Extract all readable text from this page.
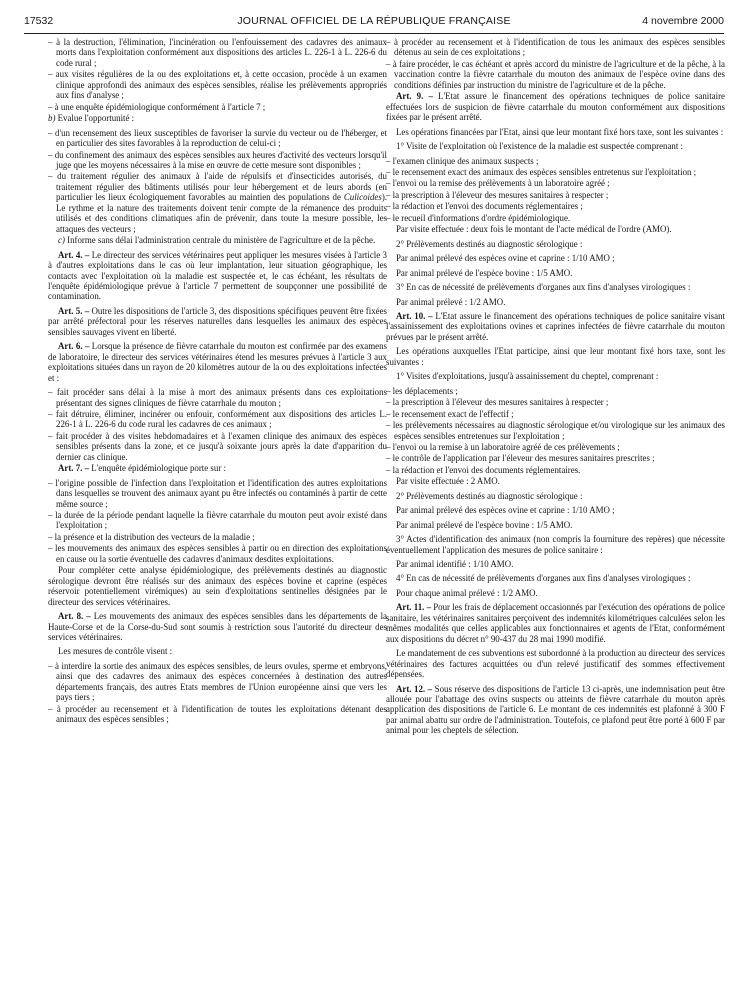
17532	JOURNAL OFFICIEL DE LA RÉPUBLIQUE FRANÇAISE	4 novembre 2000

– à la destruction, l'élimination, l'incinération ou l'enfouissement des cadavres des animaux morts dans l'exploitation conformément aux dispositions des articles L. 226-1 à L. 226-6 du code rural ;

– aux visites régulières de la ou des exploitations et, à cette occasion, procède à un examen clinique approfondi des animaux des espèces sensibles, réalise les prélèvements appropriés aux fins d'analyse ;

– à une enquête épidémiologique conformément à l'article 7 ;

b) Evalue l'opportunité :

– d'un recensement des lieux susceptibles de favoriser la survie du vecteur ou de l'héberger, et en particulier des sites favorables à la reproduction de celui-ci ;

– du confinement des animaux des espèces sensibles aux heures d'activité des vecteurs lorsqu'il juge que les moyens nécessaires à la mise en œuvre de cette mesure sont disponibles ;

– du traitement régulier des animaux à l'aide de répulsifs et d'insecticides autorisés, du traitement régulier des bâtiments utilisés pour leur hébergement et de leurs abords (en particulier les lieux écologiquement favorables au maintien des populations de Culicoides). Le rythme et la nature des traitements doivent tenir compte de la rémanence des produits utilisés et des conditions climatiques afin de prévenir, dans toute la mesure possible, les attaques des vecteurs ;

c) Informe sans délai l'administration centrale du ministère de l'agriculture et de la pêche.

Art. 4. – Le directeur des services vétérinaires peut appliquer les mesures visées à l'article 3 à d'autres exploitations dans le cas où leur implantation, leur situation géographique, les contacts avec l'exploitation où la maladie est suspectée et, le cas échéant, les résultats de l'enquête épidémiologique prévue à l'article 7 permettent de soupçonner une possibilité de contamination.

Art. 5. – Outre les dispositions de l'article 3, des dispositions spécifiques peuvent être fixées par arrêté préfectoral pour les réserves naturelles dans lesquelles les animaux des espèces sensibles sauvages vivent en liberté.

Art. 6. – Lorsque la présence de fièvre catarrhale du mouton est confirmée par des examens de laboratoire, le directeur des services vétérinaires étend les mesures prévues à l'article 3 aux exploitations situées dans un rayon de 20 kilomètres autour de la ou des exploitations infectées et :

– fait procéder sans délai à la mise à mort des animaux présents dans ces exploitations présentant des signes cliniques de fièvre catarrhale du mouton ;

– fait détruire, éliminer, incinérer ou enfouir, conformément aux dispositions des articles L. 226-1 à L. 226-6 du code rural les cadavres de ces animaux ;

– fait procéder à des visites hebdomadaires et à l'examen clinique des animaux des espèces sensibles présents dans la zone, et ce jusqu'à soixante jours après la date d'apparition du dernier cas clinique.

Art. 7. – L'enquête épidémiologique porte sur :

– l'origine possible de l'infection dans l'exploitation et l'identification des autres exploitations dans lesquelles se trouvent des animaux ayant pu être infectés ou contaminés à partir de cette même source ;

– la durée de la période pendant laquelle la fièvre catarrhale du mouton peut avoir existé dans l'exploitation ;

– la présence et la distribution des vecteurs de la maladie ;

– les mouvements des animaux des espèces sensibles à partir ou en direction des exploitations en cause ou la sortie éventuelle des cadavres d'animaux desdites exploitations.

Pour compléter cette analyse épidémiologique, des prélèvements destinés au diagnostic sérologique devront être réalisés sur des animaux des espèces bovine et caprine (espèces réservoir potentiellement virémiques) au sein d'exploitations sentinelles désignées par le directeur des services vétérinaires.

Art. 8. – Les mouvements des animaux des espèces sensibles dans les départements de la Haute-Corse et de la Corse-du-Sud sont soumis à restriction sous l'autorité du directeur des services vétérinaires.

Les mesures de contrôle visent :

– à interdire la sortie des animaux des espèces sensibles, de leurs ovules, sperme et embryons, ainsi que des cadavres des animaux des espèces concernées à destination des autres départements français, des autres Etats membres de l'Union européenne ainsi que vers les pays tiers ;

– à procéder au recensement et à l'identification de toutes les exploitations détenant des animaux des espèces sensibles ;

– à procéder au recensement et à l'identification de tous les animaux des espèces sensibles détenus au sein de ces exploitations ;

– à faire procéder, le cas échéant et après accord du ministre de l'agriculture et de la pêche, à la vaccination contre la fièvre catarrhale du mouton des animaux de l'espèce ovine dans des conditions définies par instruction du ministre de l'agriculture et de la pêche.

Art. 9. – L'Etat assure le financement des opérations techniques de police sanitaire effectuées lors de suspicion de fièvre catarrhale du mouton conformément aux dispositions fixées par le présent arrêté.

Les opérations financées par l'Etat, ainsi que leur montant fixé hors taxe, sont les suivantes :

1° Visite de l'exploitation où l'existence de la maladie est suspectée comprenant :

– l'examen clinique des animaux suspects ;

– le recensement exact des animaux des espèces sensibles entretenus sur l'exploitation ;

– l'envoi ou la remise des prélèvements à un laboratoire agréé ;

– la prescription à l'éleveur des mesures sanitaires à respecter ;

– la rédaction et l'envoi des documents réglementaires ;

– le recueil d'informations d'ordre épidémiologique.

Par visite effectuée : deux fois le montant de l'acte médical de l'ordre (AMO).

2° Prélèvements destinés au diagnostic sérologique :

Par animal prélevé des espèces ovine et caprine : 1/10 AMO ;

Par animal prélevé de l'espèce bovine : 1/5 AMO.

3° En cas de nécessité de prélèvements d'organes aux fins d'analyses virologiques :

Par animal prélevé : 1/2 AMO.

Art. 10. – L'Etat assure le financement des opérations techniques de police sanitaire visant l'assainissement des exploitations ovines et caprines infectées de fièvre catarrhale du mouton prévues par le présent arrêté.

Les opérations auxquelles l'Etat participe, ainsi que leur montant fixé hors taxe, sont les suivantes :

1° Visites d'exploitations, jusqu'à assainissement du cheptel, comprenant :

– les déplacements ;

– la prescription à l'éleveur des mesures sanitaires à respecter ;

– le recensement exact de l'effectif ;

– les prélèvements nécessaires au diagnostic sérologique et/ou virologique sur les animaux des espèces sensibles entretenues sur l'exploitation ;

– l'envoi ou la remise à un laboratoire agréé de ces prélèvements ;

– le contrôle de l'application par l'éleveur des mesures sanitaires prescrites ;

– la rédaction et l'envoi des documents réglementaires.

Par visite effectuée : 2 AMO.

2° Prélèvements destinés au diagnostic sérologique :

Par animal prélevé des espèces ovine et caprine : 1/10 AMO ;

Par animal prélevé de l'espèce bovine : 1/5 AMO.

3° Actes d'identification des animaux (non compris la fourniture des repères) que nécessite éventuellement l'application des mesures de police sanitaire :

Par animal identifié : 1/10 AMO.

4° En cas de nécessité de prélèvements d'organes aux fins d'analyses virologiques :

Pour chaque animal prélevé : 1/2 AMO.

Art. 11. – Pour les frais de déplacement occasionnés par l'exécution des opérations de police sanitaire, les vétérinaires sanitaires perçoivent des indemnités kilométriques calculées selon les mêmes modalités que celles applicables aux fonctionnaires et agents de l'Etat, conformément aux dispositions du décret n° 90-437 du 28 mai 1990 modifié.

Le mandatement de ces subventions est subordonné à la production au directeur des services vétérinaires des factures acquittées ou d'un relevé justificatif des sommes effectivement dépensées.

Art. 12. – Sous réserve des dispositions de l'article 13 ci-après, une indemnisation peut être allouée pour l'abattage des ovins suspects ou atteints de fièvre catarrhale du mouton après application des dispositions de l'article 6. Le montant de ces indemnités est plafonné à 300 F par animal abattu sur ordre de l'administration. Toutefois, ce plafond peut être porté à 600 F par animal pour les cheptels de sélection.
